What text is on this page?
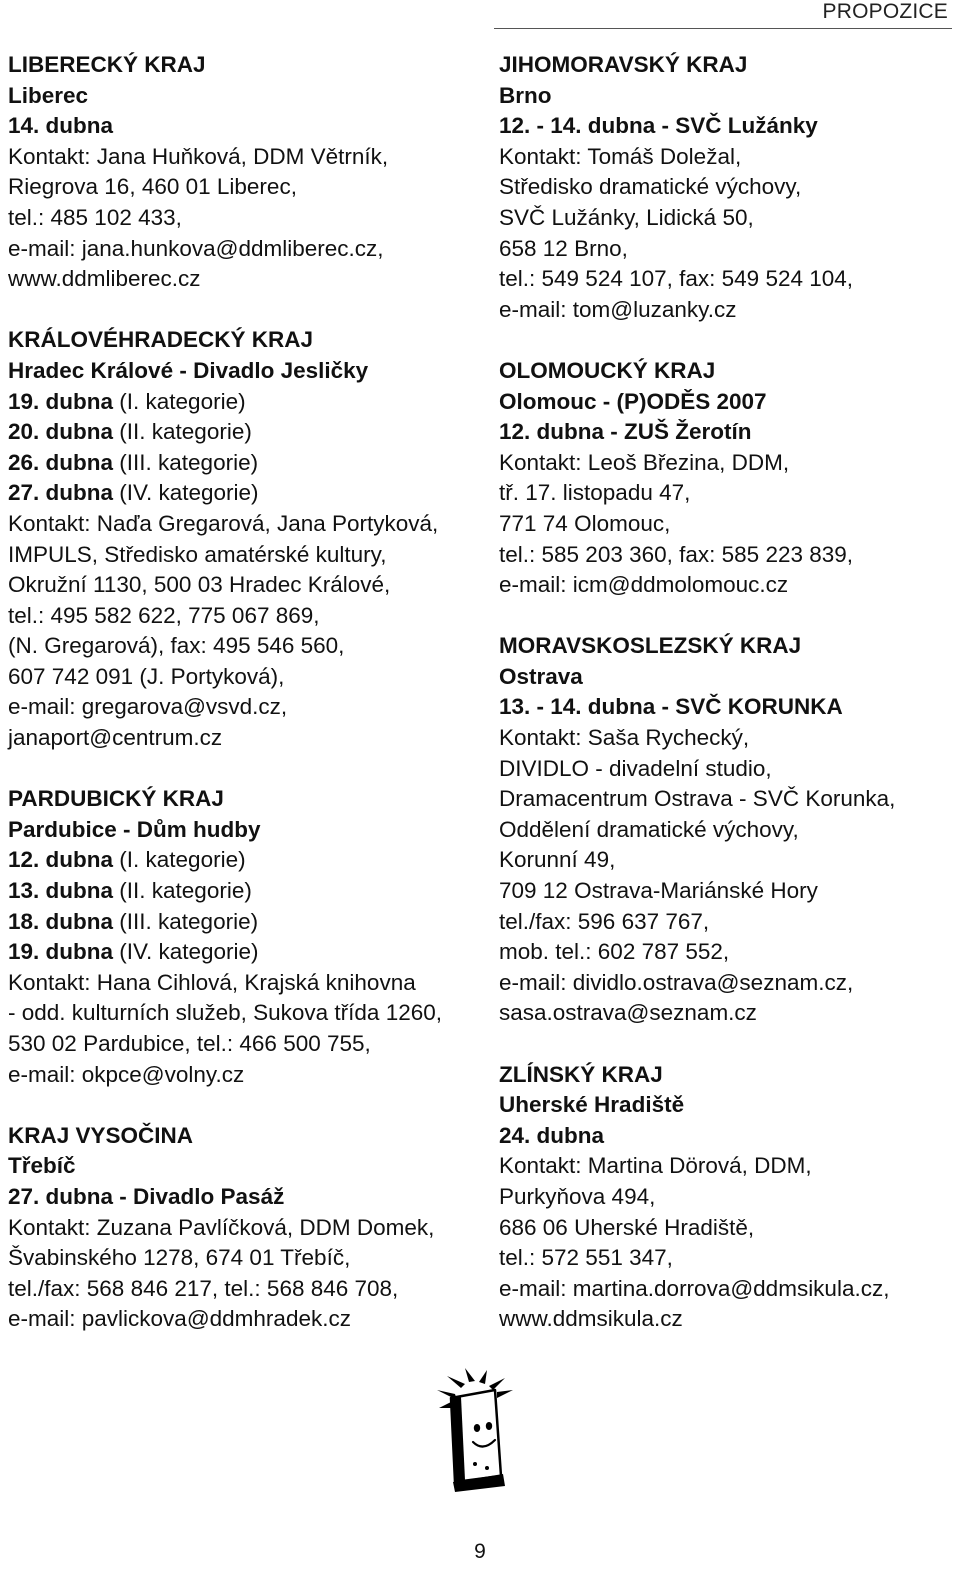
PROPOZICE
LIBERECKÝ KRAJ
Liberec
14. dubna
Kontakt: Jana Huňková, DDM Větrník,
Riegrova 16, 460 01 Liberec,
tel.: 485 102 433,
e-mail: jana.hunkova@ddmliberec.cz,
www.ddmliberec.cz
KRÁLOVÉHRADECKÝ KRAJ
Hradec Králové - Divadlo Jesličky
19. dubna (I. kategorie)
20. dubna (II. kategorie)
26. dubna (III. kategorie)
27. dubna (IV. kategorie)
Kontakt: Naďa Gregarová, Jana Portyková,
IMPULS, Středisko amatérské kultury,
Okružní 1130, 500 03 Hradec Králové,
tel.: 495 582 622, 775 067 869,
(N. Gregarová), fax: 495 546 560,
607 742 091 (J. Portyková),
e-mail: gregarova@vsvd.cz,
janaport@centrum.cz
PARDUBICKÝ KRAJ
Pardubice - Dům hudby
12. dubna (I. kategorie)
13. dubna (II. kategorie)
18. dubna (III. kategorie)
19. dubna (IV. kategorie)
Kontakt: Hana Cihlová, Krajská knihovna
- odd. kulturních služeb, Sukova třída 1260,
530 02 Pardubice, tel.: 466 500 755,
e-mail: okpce@volny.cz
KRAJ VYSOČINA
Třebíč
27. dubna - Divadlo Pasáž
Kontakt: Zuzana Pavlíčková, DDM Domek,
Švabinského 1278, 674 01 Třebíč,
tel./fax: 568 846 217, tel.: 568 846 708,
e-mail: pavlickova@ddmhradek.cz
JIHOMORAVSKÝ KRAJ
Brno
12. - 14. dubna - SVČ Lužánky
Kontakt: Tomáš Doležal,
Středisko dramatické výchovy,
SVČ Lužánky, Lidická 50,
658 12 Brno,
tel.: 549 524 107, fax: 549 524 104,
e-mail: tom@luzanky.cz
OLOMOUCKÝ KRAJ
Olomouc - (P)ODĚS 2007
12. dubna - ZUŠ Žerotín
Kontakt: Leoš Březina, DDM,
tř. 17. listopadu 47,
771 74 Olomouc,
tel.: 585 203 360, fax: 585 223 839,
e-mail: icm@ddmolomouc.cz
MORAVSKOSLEZSKÝ KRAJ
Ostrava
13. - 14. dubna - SVČ KORUNKA
Kontakt: Saša Rychecký,
DIVIDLO - divadelní studio,
Dramacentrum Ostrava - SVČ Korunka,
Oddělení dramatické výchovy,
Korunní 49,
709 12 Ostrava-Mariánské Hory
tel./fax: 596 637 767,
mob. tel.: 602 787 552,
e-mail: dividlo.ostrava@seznam.cz,
sasa.ostrava@seznam.cz
ZLÍNSKÝ KRAJ
Uherské Hradiště
24. dubna
Kontakt: Martina Dörová, DDM,
Purkyňova 494,
686 06 Uherské Hradiště,
tel.: 572 551 347,
e-mail: martina.dorrova@ddmsikula.cz,
www.ddmsikula.cz
9
